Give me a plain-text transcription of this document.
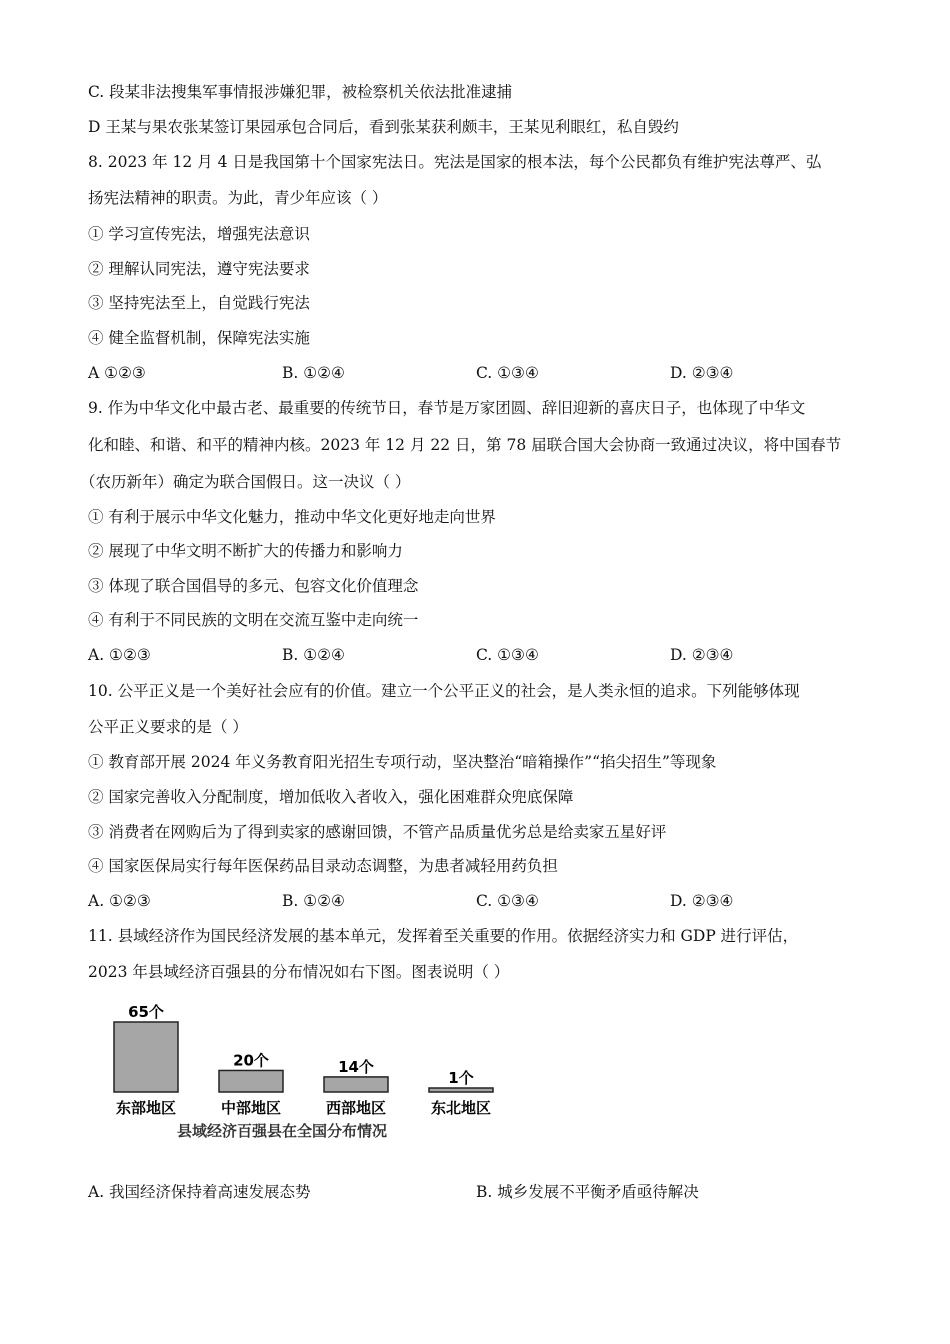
C. 段某非法搜集军事情报涉嫌犯罪，被检察机关依法批准逮捕
D 王某与果农张某签订果园承包合同后，看到张某获利颇丰，王某见利眼红，私自毁约
8. 2023 年 12 月 4 日是我国第十个国家宪法日。宪法是国家的根本法，每个公民都负有维护宪法尊严、弘
扬宪法精神的职责。为此，青少年应该（ ）
① 学习宣传宪法，增强宪法意识
② 理解认同宪法，遵守宪法要求
③ 坚持宪法至上，自觉践行宪法
④ 健全监督机制，保障宪法实施
A ①②③	B. ①②④	C. ①③④	D. ②③④
9. 作为中华文化中最古老、最重要的传统节日，春节是万家团圆、辞旧迎新的喜庆日子，也体现了中华文
化和睦、和谐、和平的精神内核。2023 年 12 月 22 日，第 78 届联合国大会协商一致通过决议，将中国春节
（农历新年）确定为联合国假日。这一决议（ ）
① 有利于展示中华文化魅力，推动中华文化更好地走向世界
② 展现了中华文明不断扩大的传播力和影响力
③ 体现了联合国倡导的多元、包容文化价值理念
④ 有利于不同民族的文明在交流互鉴中走向统一
A. ①②③	B. ①②④	C. ①③④	D. ②③④
10. 公平正义是一个美好社会应有的价值。建立一个公平正义的社会，是人类永恒的追求。下列能够体现
公平正义要求的是（ ）
① 教育部开展 2024 年义务教育阳光招生专项行动，坚决整治“暗箱操作”“掐尖招生”等现象
② 国家完善收入分配制度，增加低收入者收入，强化困难群众兜底保障
③ 消费者在网购后为了得到卖家的感谢回馈，不管产品质量优劣总是给卖家五星好评
④ 国家医保局实行每年医保药品目录动态调整，为患者减轻用药负担
A. ①②③	B. ①②④	C. ①③④	D. ②③④
11. 县域经济作为国民经济发展的基本单元，发挥着至关重要的作用。依据经济实力和 GDP 进行评估，
2023 年县域经济百强县的分布情况如右下图。图表说明（ ）
65个
东部地区
20个
中部地区
14个
西部地区
1个
东北地区
县域经济百强县在全国分布情况
A. 我国经济保持着高速发展态势	B. 城乡发展不平衡矛盾亟待解决
